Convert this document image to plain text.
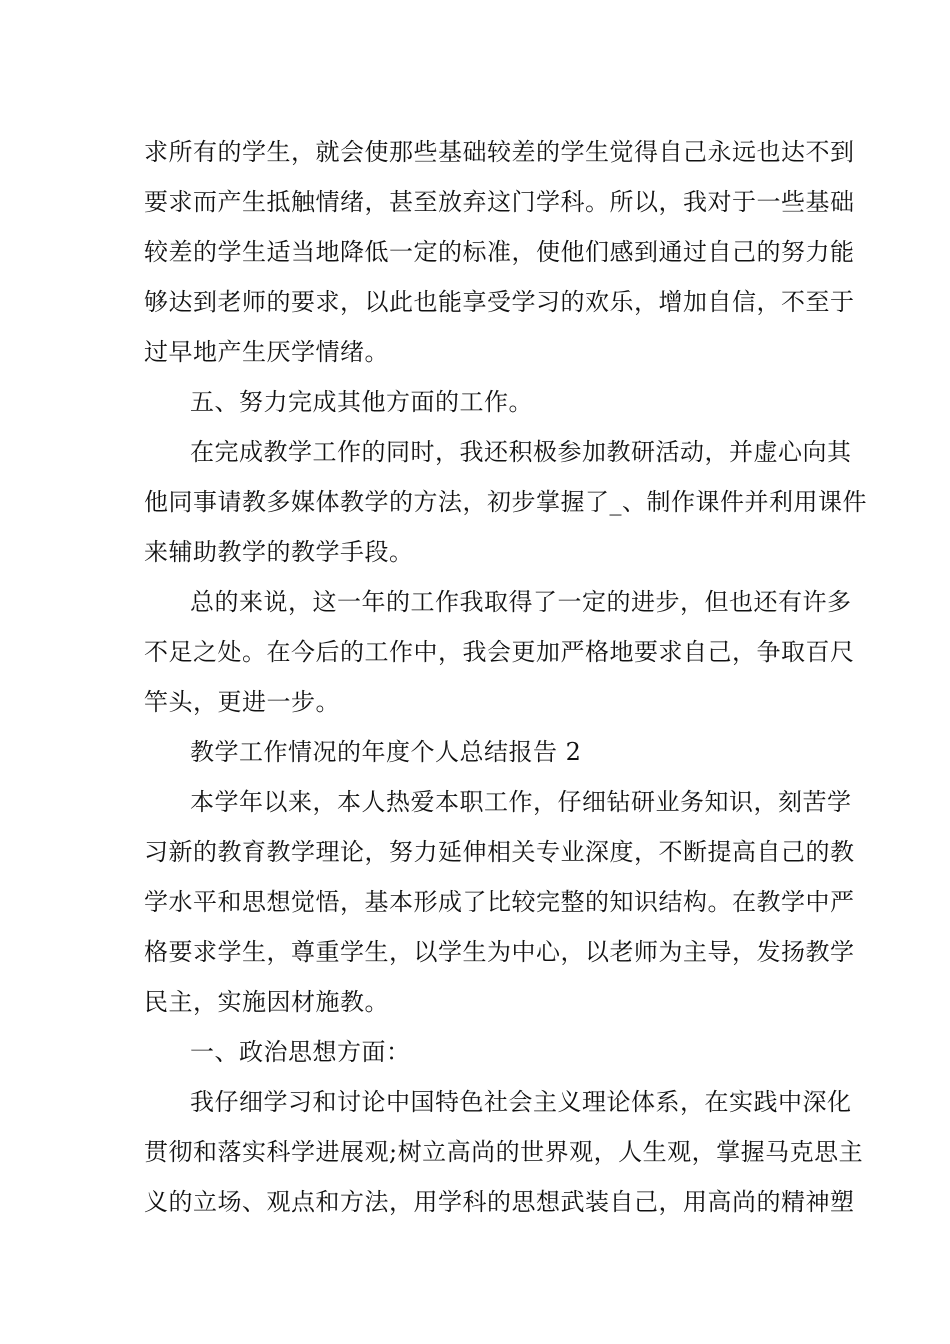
求所有的学生，就会使那些基础较差的学生觉得自己永远也达不到
要求而产生抵触情绪，甚至放弃这门学科。所以，我对于一些基础
较差的学生适当地降低一定的标准，使他们感到通过自己的努力能
够达到老师的要求，以此也能享受学习的欢乐，增加自信，不至于
过早地产生厌学情绪。
五、努力完成其他方面的工作。
在完成教学工作的同时，我还积极参加教研活动，并虚心向其
他同事请教多媒体教学的方法，初步掌握了_、制作课件并利用课件
来辅助教学的教学手段。
总的来说，这一年的工作我取得了一定的进步，但也还有许多
不足之处。在今后的工作中，我会更加严格地要求自己，争取百尺
竿头，更进一步。
教学工作情况的年度个人总结报告 2
本学年以来，本人热爱本职工作，仔细钻研业务知识，刻苦学
习新的教育教学理论，努力延伸相关专业深度，不断提高自己的教
学水平和思想觉悟，基本形成了比较完整的知识结构。在教学中严
格要求学生，尊重学生，以学生为中心，以老师为主导，发扬教学
民主，实施因材施教。
一、政治思想方面：
我仔细学习和讨论中国特色社会主义理论体系，在实践中深化
贯彻和落实科学进展观;树立高尚的世界观，人生观，掌握马克思主
义的立场、观点和方法，用学科的思想武装自己，用高尚的精神塑
